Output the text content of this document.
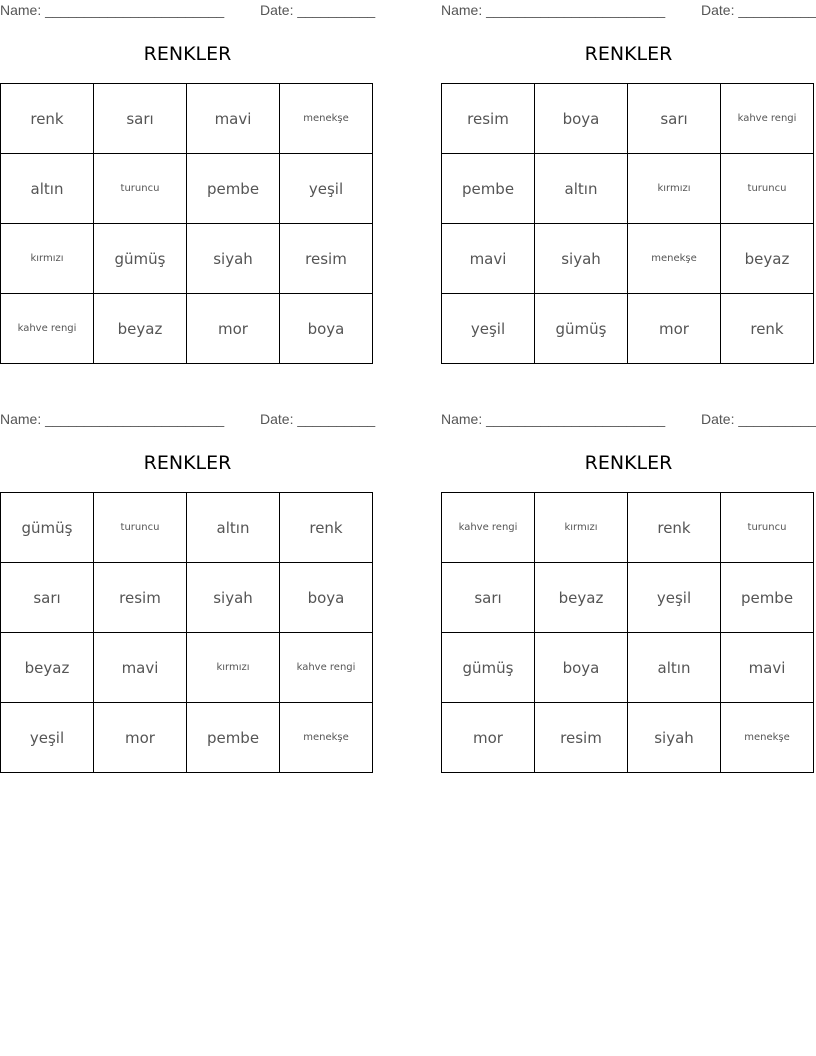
Name: _______________________	Date: __________
RENKLER
renk	sarı	mavi	menekşe
altın	turuncu	pembe	yeşil
kırmızı	gümüş	siyah	resim
kahve rengi	beyaz	mor	boya
Name: _______________________	Date: __________
RENKLER
resim	boya	sarı	kahve rengi
pembe	altın	kırmızı	turuncu
mavi	siyah	menekşe	beyaz
yeşil	gümüş	mor	renk
Name: _______________________	Date: __________
RENKLER
gümüş	turuncu	altın	renk
sarı	resim	siyah	boya
beyaz	mavi	kırmızı	kahve rengi
yeşil	mor	pembe	menekşe
Name: _______________________	Date: __________
RENKLER
kahve rengi	kırmızı	renk	turuncu
sarı	beyaz	yeşil	pembe
gümüş	boya	altın	mavi
mor	resim	siyah	menekşe
